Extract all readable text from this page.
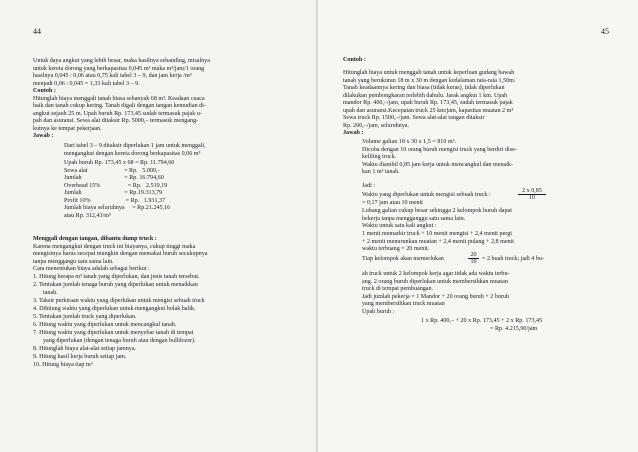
44
Untuk daya angkut yang lebih besar, maka hasilnya sebanding, misalnya
untuk kereta dorong yang berkapasitas 0,045 m³ maka m³/jam/1 orang
hasilnya 0,045 : 0,06 atau 0,75 kali tabel 3 – 9, dan jam kerja /m³
menjadi 0,06 : 0,045 = 1,33 kali tabel 3 – 9.
Contoh :
Hitunglah biaya menggali tanah biasa sebanyak 68 m³. Keadaan cuaca
baik dan tanah cukup kering. Tanah digali dengan tangan kemudian di-
angkut sejauh 25 m. Upah buruh Rp. 173,45 sudah termasuk pajak u-
pah dan asuransi. Sewa alat ditaksir Rp. 5000,– termasuk mengang-
kutnya ke tempat pekerjaan.
Jawab :
Dari tabel 3 – 9 ditaksir diperlukan 1 jam untuk menggali,
mengangkut dengan kereta dorong berkapasitas 0,06 m³
Upah buruh Rp. 173,45 x 68 = Rp. 11.794,60
Sewa alat                        = Rp.   5.000,-
Jumlah                            = Rp. 16.794,60
Overhead 15%                  = Rp.   2.519,19
Jumlah                            = Rp.19.313,79
Profit 10%                       = Rp.   1.931,37
Jumlah biaya seluruhnya     = Rp.21.245,16
atau Rp. 312,43/m³
Menggali dengan tangan, dibantu dump truck :
Karena mengangkut dengan truck ini biayanya, cukup tinggi maka
mengisinya harus secepat mungkin dengan memakai buruh secukupnya
tanpa menggangu satu sama lain.
Cara menentukan biaya adalah sebagai berikut :
1. Hitung berapa m³ tanah yang diperlukan, dan jenis tanah tersebut.
2. Tentukan jumlah tenaga buruh yang diperlukan untuk menaikkan
tanah.
3. Taksir perkiraan waktu yang diperlukan untuk mengisi sebuah truck
4. Dihitung waktu yang diperlukan untuk mengangkut bolak balik.
5. Tentukan jumlah truck yang diperlukan.
6. Hitung waktu yang diperlukan untuk mencangkul tanah.
7. Hitung waktu yang diperlukan untuk menyebar tanah di tempat
yang diperlukan (dengan tenaga buruh atau dengan bulldozer).
8. Hitunglah biaya alat-alat setiap jamnya.
9. Hitung hasil kerja buruh setiap jam.
10. Hitung biaya tiap m³
45
Contoh :
Hitunglah biaya untuk menggali tanah untuk keperluan gudang bawah
tanah yang berukuran 18 m x 30 m dengan kedalaman rata-rata 1,50m.
Tanah keadaannya kering dan biasa (tidak keras), tidak diperlukan
dilakukan pembongkaran terlebih dahulu. Jarak angkut 1 km. Upah
mandor Rp. 400,–/jam, upah buruh Rp. 173,45, sudah termasuk pajak
upah dan asuransi.Kecepatan truck 25 km/jam, kapasitas muatan 2 m³
Sewa truck Rp. 1500,–/jam. Sewa alat-alat tangan ditaksir
Rp. 200,–/jam, seluruhnya.
Jawab :
Volume galian 18 x 30 x 1,5 = 810 m³.
Dicoba dengan 10 orang buruh mengisi truck yang berdiri dise-
kelilíng truck.
Waktu diambil 0,85 jam kerja untuk mencangkul dan menaik-
kan 1 m³ tanah.
Jadi :
Waktu yang diperlukan untuk mengisi sebuah truck :
2 x 0,85
10
= 0,17 jam atau 10 menit
Lubang galian cukup besar sehingga 2 kelompok buruh dapat
bekerja tanpa mengganggu satu sama lain.
Waktu untuk satu kali angkut :
1 menit memarkir truck + 10 menit mengisi + 2,4 menit pergi
+ 2 menit menurunkan muatan + 2,4 menit pulang + 2,8 menit
waktu terbuang = 20 menit.
Tiap kelompok akan memerlukan
20
10 = 2 buah truck; jadi 4 bu-
ah truck untuk 2 kelompok kerja agar tidak ada waktu terbu-
ang. 2 orang buruh diperlukan untuk membersihkan muatan
truck di tempat pembuangan.
Jadi jumlah pekerja = 1 Mandor + 20 orang buruh + 2 buruh
yang membersihkan truck muatan
Upah buruh :
1 x Rp. 400,– + 20 x Rp. 173,45 + 2 x Rp. 173,45
= Rp. 4.215,90/jam
